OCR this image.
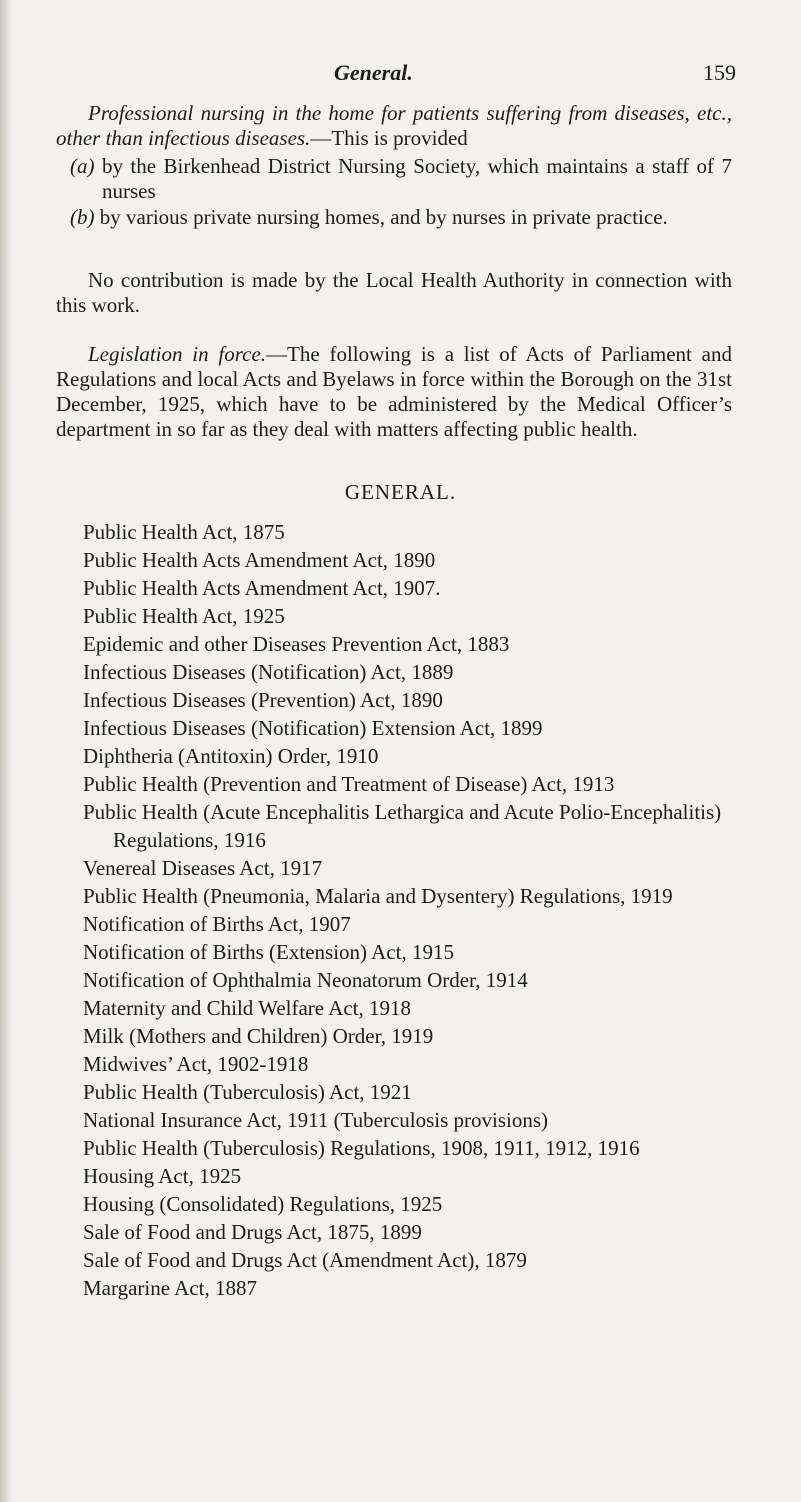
General.	159

Professional nursing in the home for patients suffering from diseases, etc., other than infectious diseases.—This is provided

(a) by the Birkenhead District Nursing Society, which maintains a staff of 7 nurses

(b) by various private nursing homes, and by nurses in private practice.

No contribution is made by the Local Health Authority in connection with this work.

Legislation in force.—The following is a list of Acts of Parliament and Regulations and local Acts and Byelaws in force within the Borough on the 31st December, 1925, which have to be administered by the Medical Officer’s department in so far as they deal with matters affecting public health.

GENERAL.
Public Health Act, 1875
Public Health Acts Amendment Act, 1890
Public Health Acts Amendment Act, 1907.
Public Health Act, 1925
Epidemic and other Diseases Prevention Act, 1883
Infectious Diseases (Notification) Act, 1889
Infectious Diseases (Prevention) Act, 1890
Infectious Diseases (Notification) Extension Act, 1899
Diphtheria (Antitoxin) Order, 1910
Public Health (Prevention and Treatment of Disease) Act, 1913
Public Health (Acute Encephalitis Lethargica and Acute Polio-Encephalitis) Regulations, 1916
Venereal Diseases Act, 1917
Public Health (Pneumonia, Malaria and Dysentery) Regulations, 1919
Notification of Births Act, 1907
Notification of Births (Extension) Act, 1915
Notification of Ophthalmia Neonatorum Order, 1914
Maternity and Child Welfare Act, 1918
Milk (Mothers and Children) Order, 1919
Midwives’ Act, 1902-1918
Public Health (Tuberculosis) Act, 1921
National Insurance Act, 1911 (Tuberculosis provisions)
Public Health (Tuberculosis) Regulations, 1908, 1911, 1912, 1916
Housing Act, 1925
Housing (Consolidated) Regulations, 1925
Sale of Food and Drugs Act, 1875, 1899
Sale of Food and Drugs Act (Amendment Act), 1879
Margarine Act, 1887
